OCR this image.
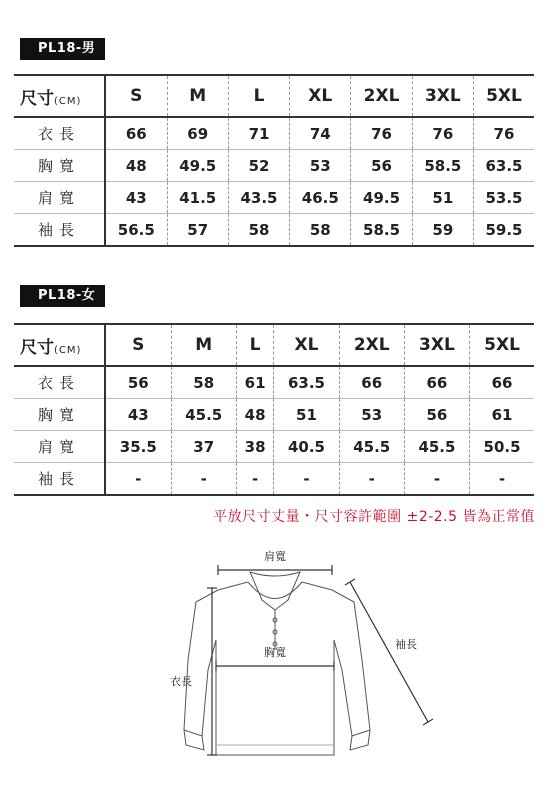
PL18-男
尺寸(CM)	S	M	L	XL	2XL	3XL	5XL
衣長	66	69	71	74	76	76	76
胸寬	48	49.5	52	53	56	58.5	63.5
肩寬	43	41.5	43.5	46.5	49.5	51	53.5
袖長	56.5	57	58	58	58.5	59	59.5
PL18-女
尺寸(CM)	S	M	L	XL	2XL	3XL	5XL
衣長	56	58	61	63.5	66	66	66
胸寬	43	45.5	48	51	53	56	61
肩寬	35.5	37	38	40.5	45.5	45.5	50.5
袖長	-	-	-	-	-	-	-
平放尺寸丈量・尺寸容許範圍 ±2-2.5 皆為正常值
肩寬
胸寬
衣長
袖長
